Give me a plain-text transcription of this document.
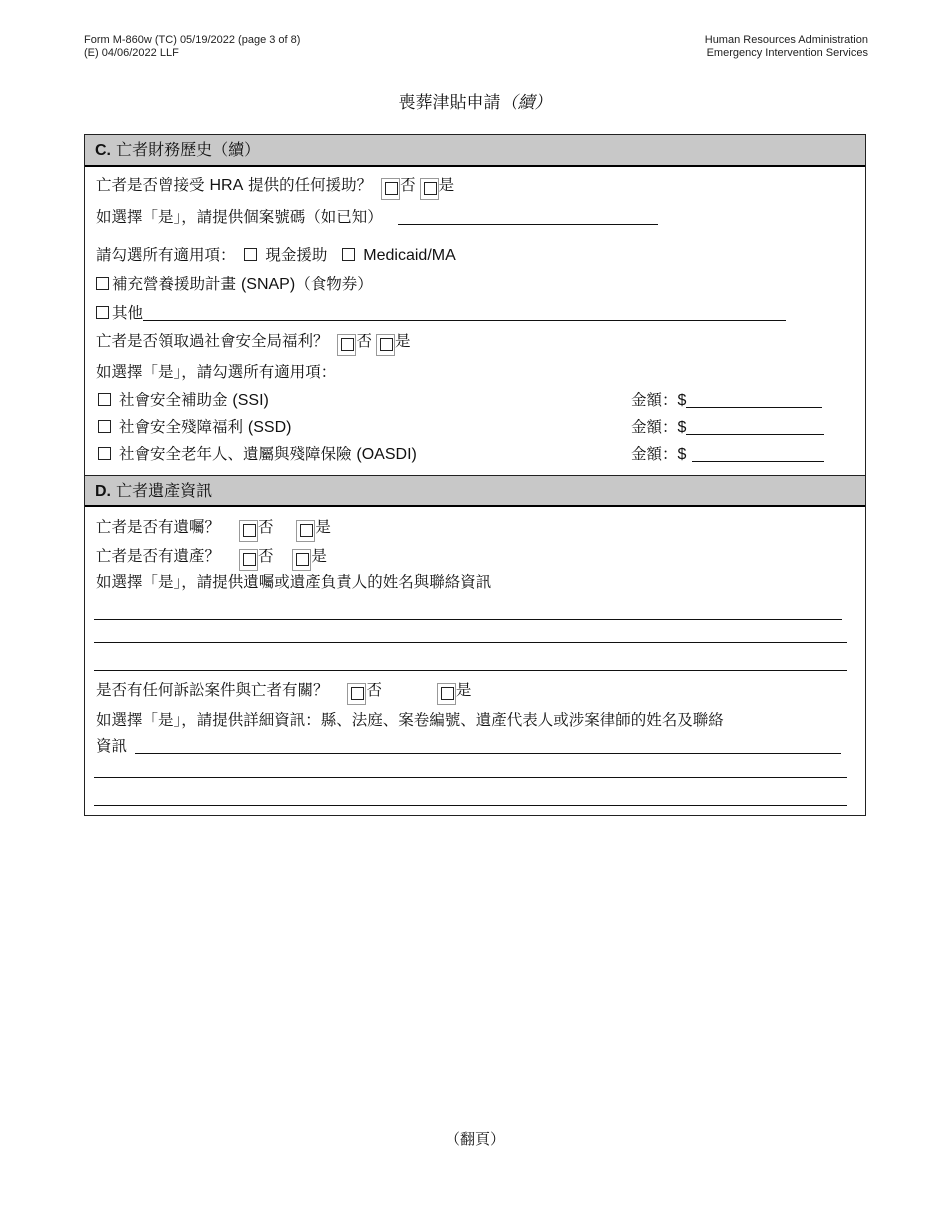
Form M-860w (TC) 05/19/2022 (page 3 of 8)
(E) 04/06/2022 LLF
Human Resources Administration
Emergency Intervention Services
喪葬津貼申請（續）
C. 亡者財務歷史（續）
亡者是否曾接受 HRA 提供的任何援助？ 否 是
如選擇「是」，請提供個案號碼（如已知）
請勾選所有適用項： 現金援助 Medicaid/MA
補充營養援助計畫 (SNAP)（食物券）
其他
亡者是否領取過社會安全局福利？ 否 是
如選擇「是」，請勾選所有適用項：
社會安全補助金 (SSI)	金額：$
社會安全殘障福利 (SSD)	金額：$
社會安全老年人、遺屬與殘障保險 (OASDI)	金額：$
D. 亡者遺產資訊
亡者是否有遺囑？ 否	是
亡者是否有遺產？ 否 是
如選擇「是」，請提供遺囑或遺產負責人的姓名與聯絡資訊
是否有任何訴訟案件與亡者有關？ 否	是
如選擇「是」，請提供詳細資訊：縣、法庭、案卷編號、遺產代表人或涉案律師的姓名及聯絡
資訊
（翻頁）
